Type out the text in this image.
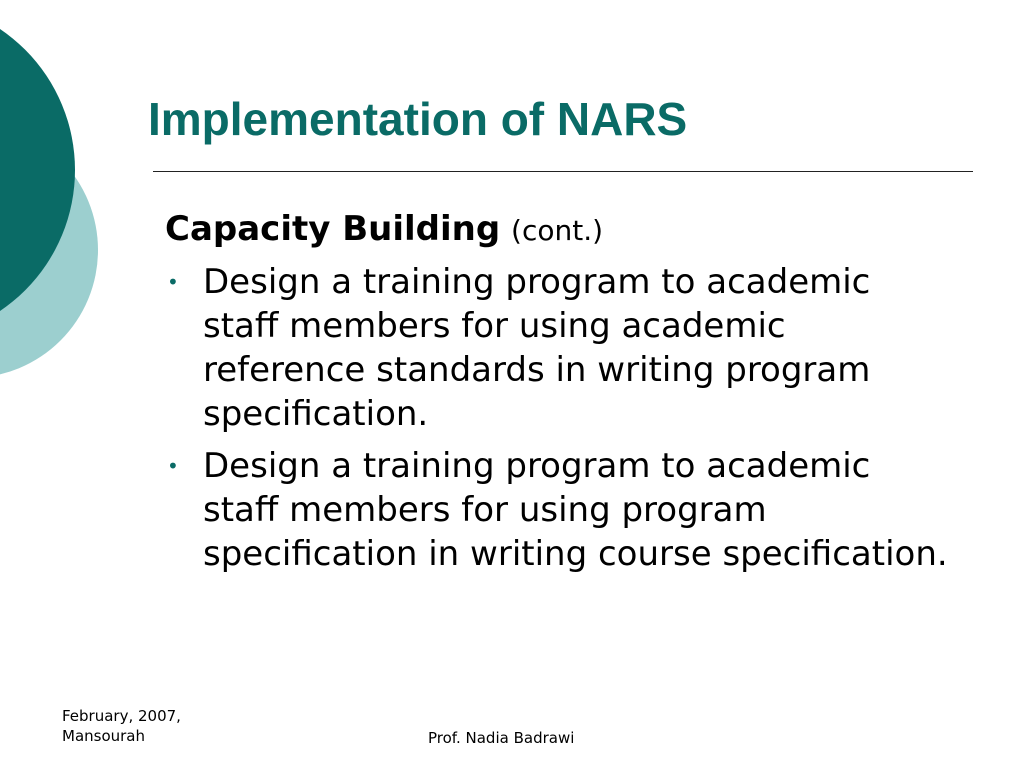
Implementation of NARS

Capacity Building (cont.)

• Design a training program to academic staff members for using academic reference standards in writing program specification.
• Design a training program to academic staff members for using program specification in writing course specification.
February, 2007,
Mansourah	Prof. Nadia Badrawi
